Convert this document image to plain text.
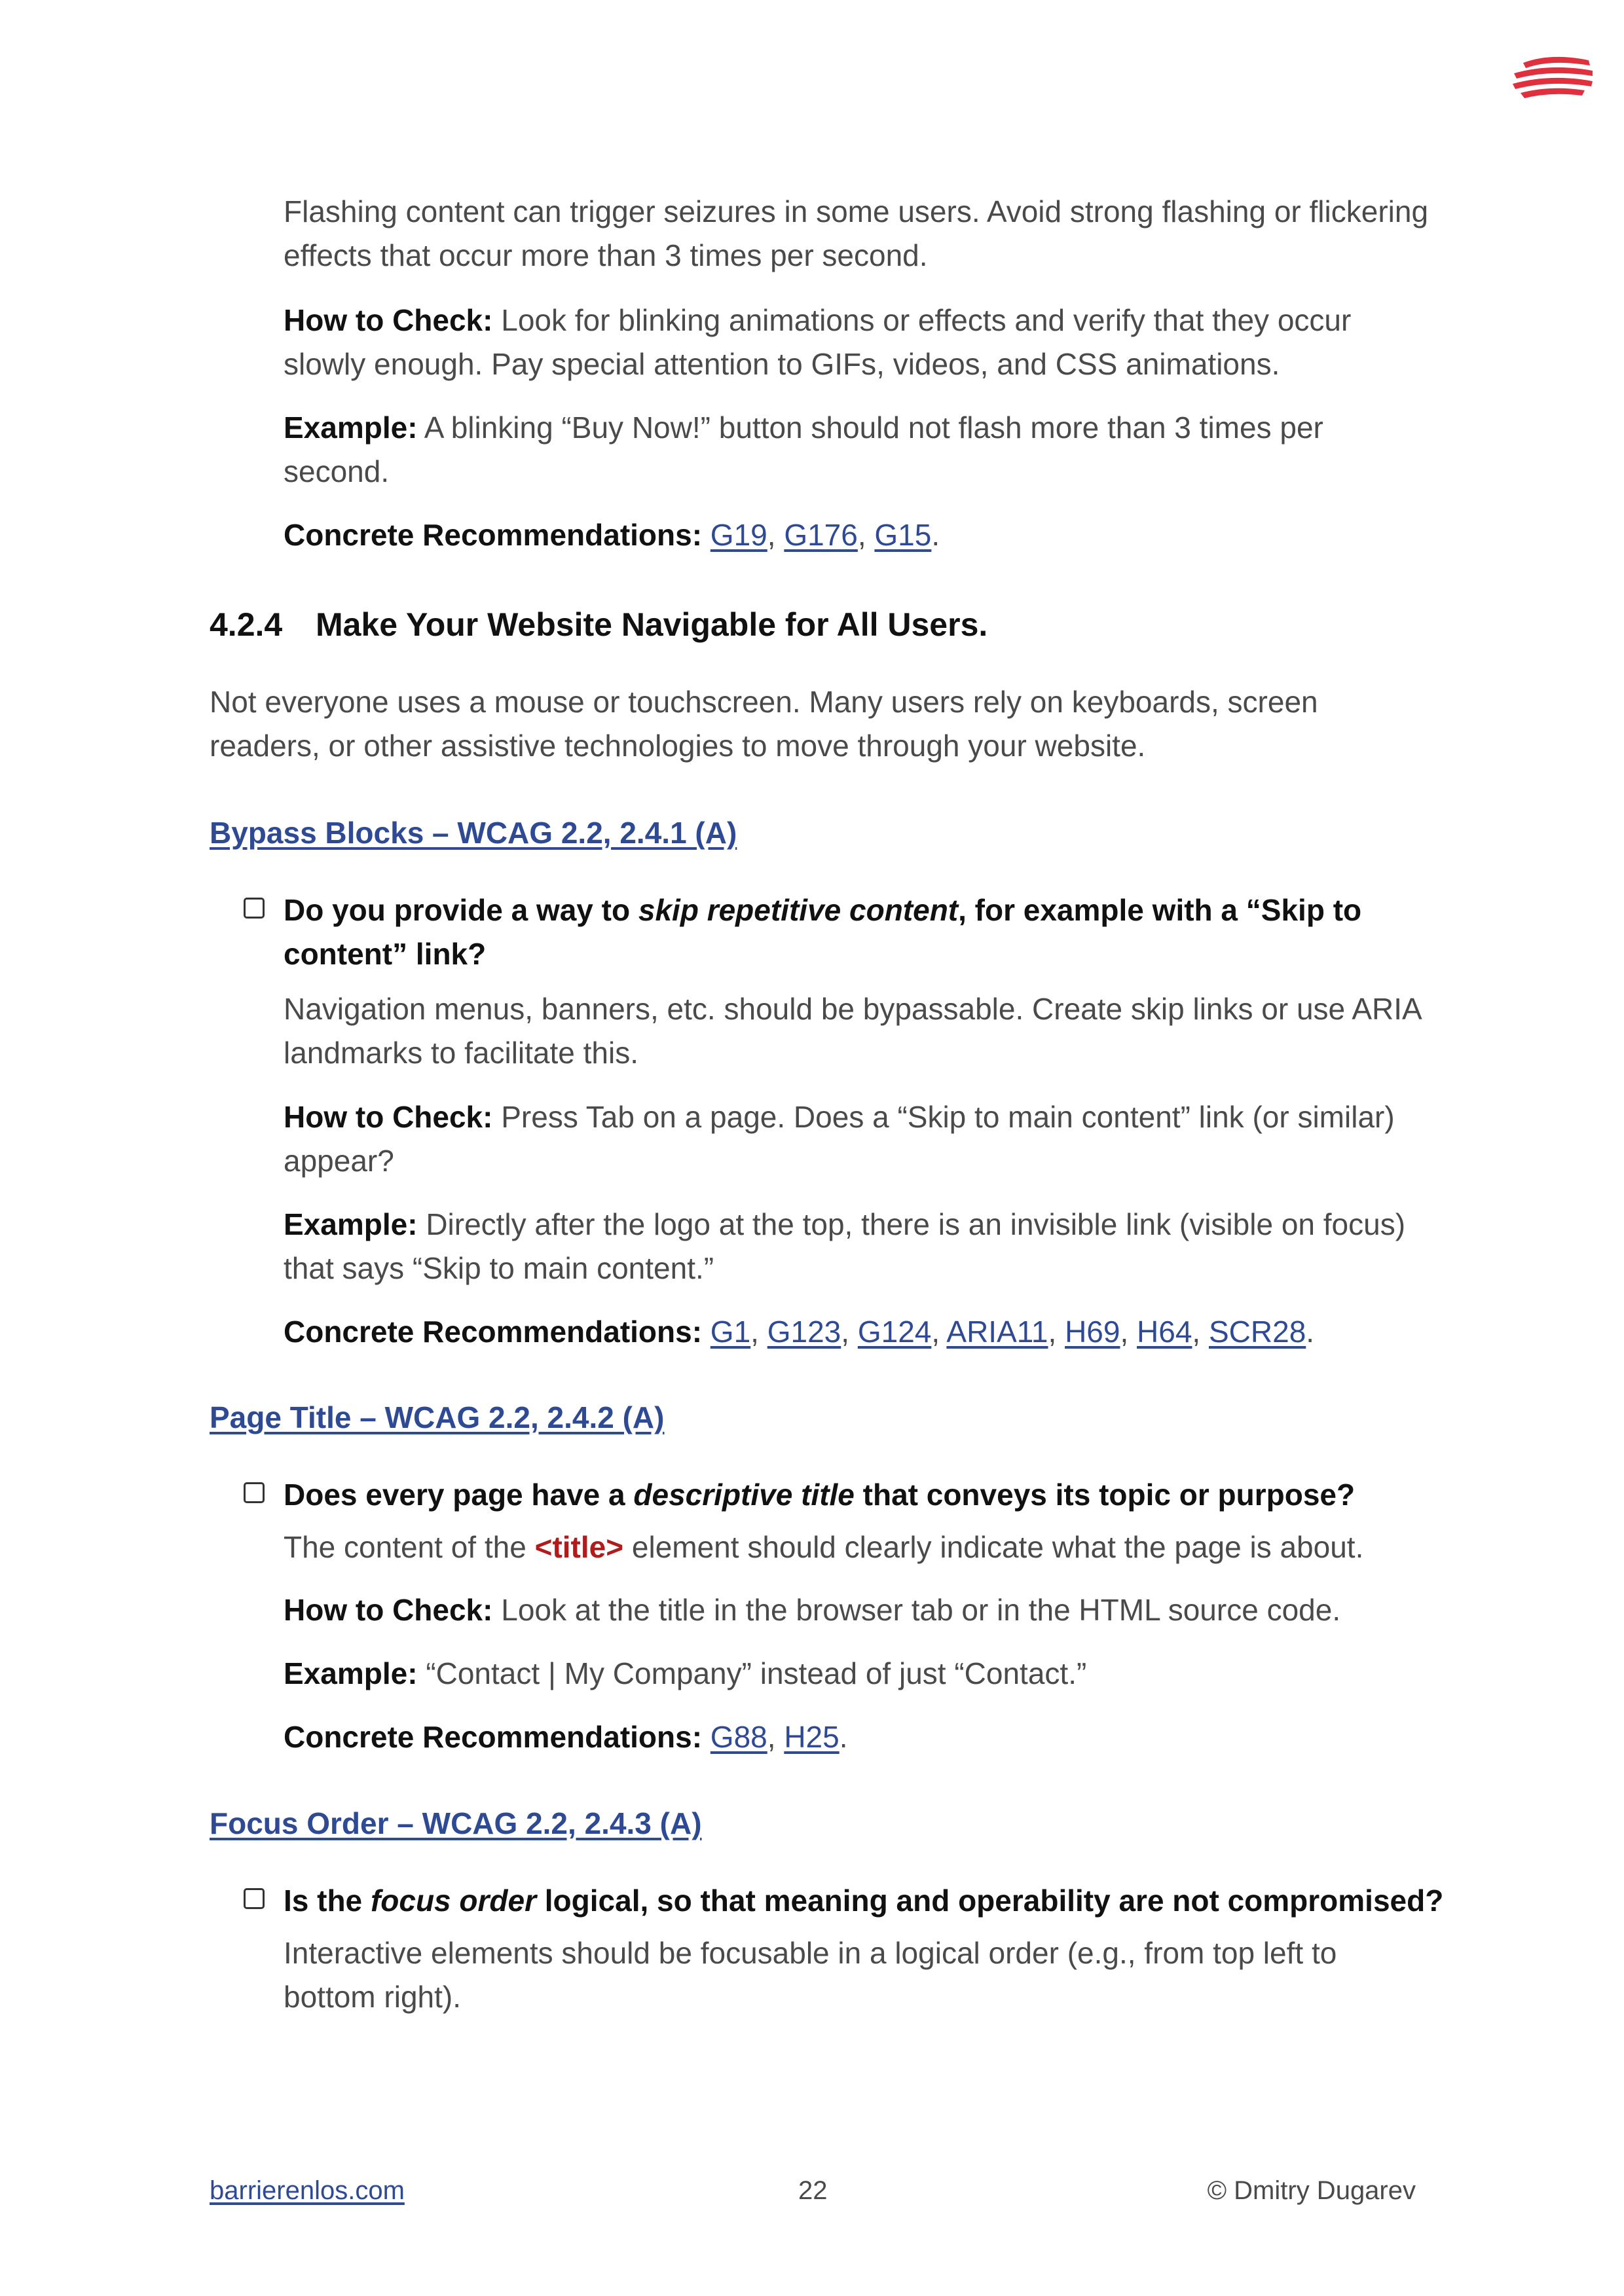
Flashing content can trigger seizures in some users. Avoid strong flashing or flickering effects that occur more than 3 times per second.

How to Check: Look for blinking animations or effects and verify that they occur slowly enough. Pay special attention to GIFs, videos, and CSS animations.

Example: A blinking “Buy Now!” button should not flash more than 3 times per second.

Concrete Recommendations: G19, G176, G15.

4.2.4 Make Your Website Navigable for All Users.

Not everyone uses a mouse or touchscreen. Many users rely on keyboards, screen readers, or other assistive technologies to move through your website.

Bypass Blocks – WCAG 2.2, 2.4.1 (A)

Do you provide a way to skip repetitive content, for example with a “Skip to content” link?

Navigation menus, banners, etc. should be bypassable. Create skip links or use ARIA landmarks to facilitate this.

How to Check: Press Tab on a page. Does a “Skip to main content” link (or similar) appear?

Example: Directly after the logo at the top, there is an invisible link (visible on focus) that says “Skip to main content.”

Concrete Recommendations: G1, G123, G124, ARIA11, H69, H64, SCR28.

Page Title – WCAG 2.2, 2.4.2 (A)

Does every page have a descriptive title that conveys its topic or purpose?

The content of the <title> element should clearly indicate what the page is about.

How to Check: Look at the title in the browser tab or in the HTML source code.

Example: “Contact | My Company” instead of just “Contact.”

Concrete Recommendations: G88, H25.

Focus Order – WCAG 2.2, 2.4.3 (A)

Is the focus order logical, so that meaning and operability are not compromised?

Interactive elements should be focusable in a logical order (e.g., from top left to bottom right).

barrierenlos.com	22	© Dmitry Dugarev
